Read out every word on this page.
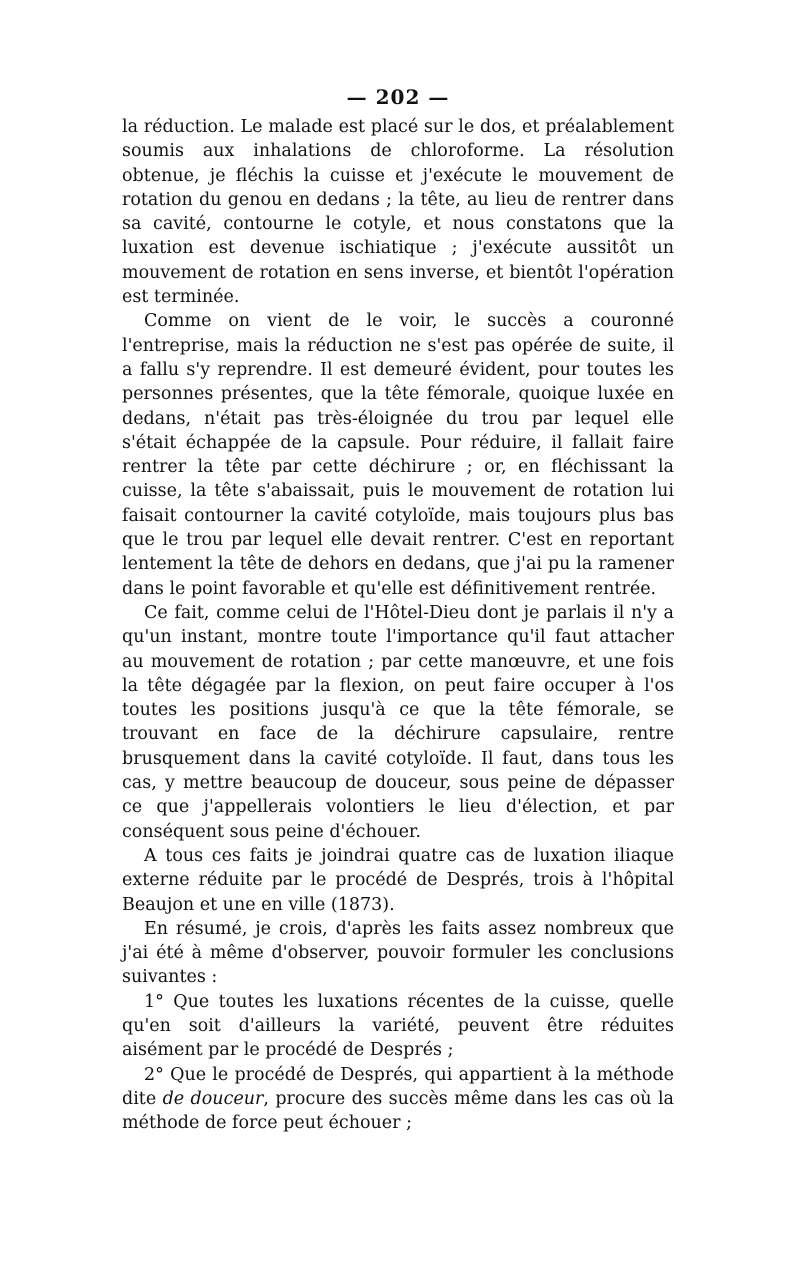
— 202 —

la réduction. Le malade est placé sur le dos, et préalablement soumis aux inhalations de chloroforme. La résolution obtenue, je fléchis la cuisse et j'exécute le mouvement de rotation du genou en dedans ; la tête, au lieu de rentrer dans sa cavité, contourne le cotyle, et nous constatons que la luxation est devenue ischiatique ; j'exécute aussitôt un mouvement de rotation en sens inverse, et bientôt l'opération est terminée.

Comme on vient de le voir, le succès a couronné l'entreprise, mais la réduction ne s'est pas opérée de suite, il a fallu s'y reprendre. Il est demeuré évident, pour toutes les personnes présentes, que la tête fémorale, quoique luxée en dedans, n'était pas très-éloignée du trou par lequel elle s'était échappée de la capsule. Pour réduire, il fallait faire rentrer la tête par cette déchirure ; or, en fléchissant la cuisse, la tête s'abaissait, puis le mouvement de rotation lui faisait contourner la cavité cotyloïde, mais toujours plus bas que le trou par lequel elle devait rentrer. C'est en reportant lentement la tête de dehors en dedans, que j'ai pu la ramener dans le point favorable et qu'elle est définitivement rentrée.

Ce fait, comme celui de l'Hôtel-Dieu dont je parlais il n'y a qu'un instant, montre toute l'importance qu'il faut attacher au mouvement de rotation ; par cette manœuvre, et une fois la tête dégagée par la flexion, on peut faire occuper à l'os toutes les positions jusqu'à ce que la tête fémorale, se trouvant en face de la déchirure capsulaire, rentre brusquement dans la cavité cotyloïde. Il faut, dans tous les cas, y mettre beaucoup de douceur, sous peine de dépasser ce que j'appellerais volontiers le lieu d'élection, et par conséquent sous peine d'échouer.

A tous ces faits je joindrai quatre cas de luxation iliaque externe réduite par le procédé de Després, trois à l'hôpital Beaujon et une en ville (1873).

En résumé, je crois, d'après les faits assez nombreux que j'ai été à même d'observer, pouvoir formuler les conclusions suivantes :

1° Que toutes les luxations récentes de la cuisse, quelle qu'en soit d'ailleurs la variété, peuvent être réduites aisément par le procédé de Després ;

2° Que le procédé de Després, qui appartient à la méthode dite de douceur, procure des succès même dans les cas où la méthode de force peut échouer ;
